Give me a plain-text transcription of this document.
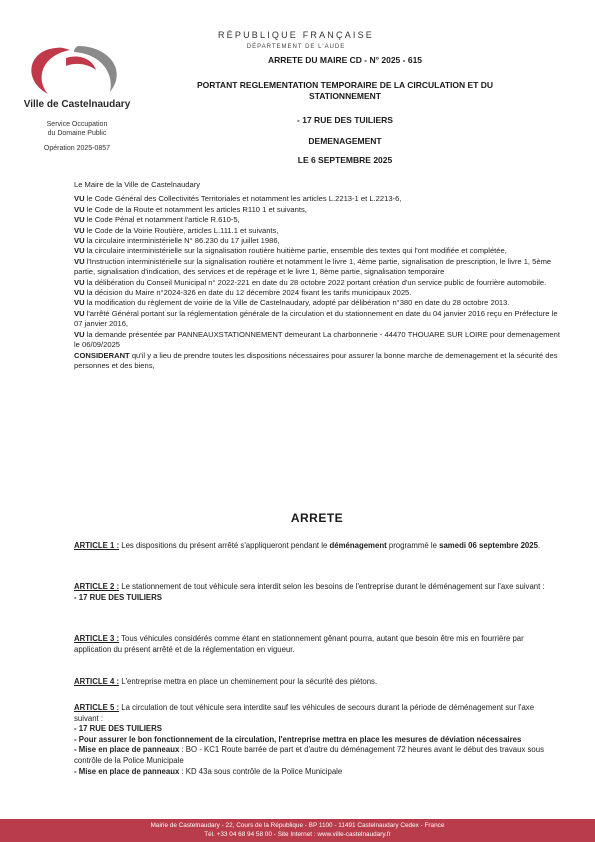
Ville de Castelnaudary
Service Occupation
du Domaine Public
Opération 2025-0857
RÉPUBLIQUE FRANÇAISE
DÉPARTEMENT DE L'AUDE
ARRETE DU MAIRE CD - N° 2025 - 615
PORTANT REGLEMENTATION TEMPORAIRE DE LA CIRCULATION ET DU
STATIONNEMENT
- 17 RUE DES TUILIERS
DEMENAGEMENT
LE 6 SEPTEMBRE 2025

Le Maire de la Ville de Castelnaudary

VU le Code Général des Collectivités Territoriales et notamment les articles L.2213-1 et L.2213-6,

VU le Code de la Route et notamment les articles R110 1 et suivants,

VU le Code Pénal et notamment l'article R.610-5,

VU le Code de la Voirie Routière, articles L.111.1 et suivants,

VU la circulaire interministérielle N° 86.230 du 17 juillet 1986,

VU la circulaire interministérielle sur la signalisation routière huitième partie, ensemble des textes qui l'ont modifiée et complétée,

VU l'Instruction interministérielle sur la signalisation routière et notamment le livre 1, 4ème partie, signalisation de prescription, le livre 1, 5ème partie, signalisation d'indication, des services et de repérage et le livre 1, 8ème partie, signalisation temporaire

VU la délibération du Conseil Municipal n° 2022-221 en date du 28 octobre 2022 portant création d'un service public de fourrière automobile.

VU la décision du Maire n°2024-326 en date du 12 décembre 2024 fixant les tarifs municipaux 2025.

VU la modification du règlement de voirie de la Ville de Castelnaudary, adopté par délibération n°380 en date du 28 octobre 2013.

VU l'arrêté Général portant sur la réglementation générale de la circulation et du stationnement en date du 04 janvier 2016 reçu en Préfecture le 07 janvier 2016,

VU la demande présentée par PANNEAUXSTATIONNEMENT demeurant La charbonnerie - 44470 THOUARE SUR LOIRE pour demenagement le 06/09/2025

CONSIDERANT qu'il y a lieu de prendre toutes les dispositions nécessaires pour assurer la bonne marche de demenagement et la sécurité des personnes et des biens,

ARRETE

ARTICLE 1 : Les dispositions du présent arrêté s'appliqueront pendant le déménagement programmé le samedi 06 septembre 2025.

ARTICLE 2 : Le stationnement de tout véhicule sera interdit selon les besoins de l'entreprise durant le déménagement sur l'axe suivant :

- 17 RUE DES TUILIERS

ARTICLE 3 : Tous véhicules considérés comme étant en stationnement gênant pourra, autant que besoin être mis en fourrière par application du présent arrêté et de la réglementation en vigueur.

ARTICLE 4 : L'entreprise mettra en place un cheminement pour la sécurité des piétons.

ARTICLE 5 : La circulation de tout véhicule sera interdite sauf les véhicules de secours durant la période de déménagement sur l'axe suivant :

- 17 RUE DES TUILIERS

- Pour assurer le bon fonctionnement de la circulation, l'entreprise mettra en place les mesures de déviation nécessaires

- Mise en place de panneaux : BO - KC1 Route barrée de part et d'autre du déménagement 72 heures avant le début des travaux sous contrôle de la Police Municipale

- Mise en place de panneaux : KD 43a sous contrôle de la Police Municipale

Mairie de Castelnaudary - 22, Cours de la République - BP 1100 - 11491 Castelnaudary Cedex - France
Tél. +33 04 68 94 58 00 - Site Internet : www.ville-castelnaudary.fr
